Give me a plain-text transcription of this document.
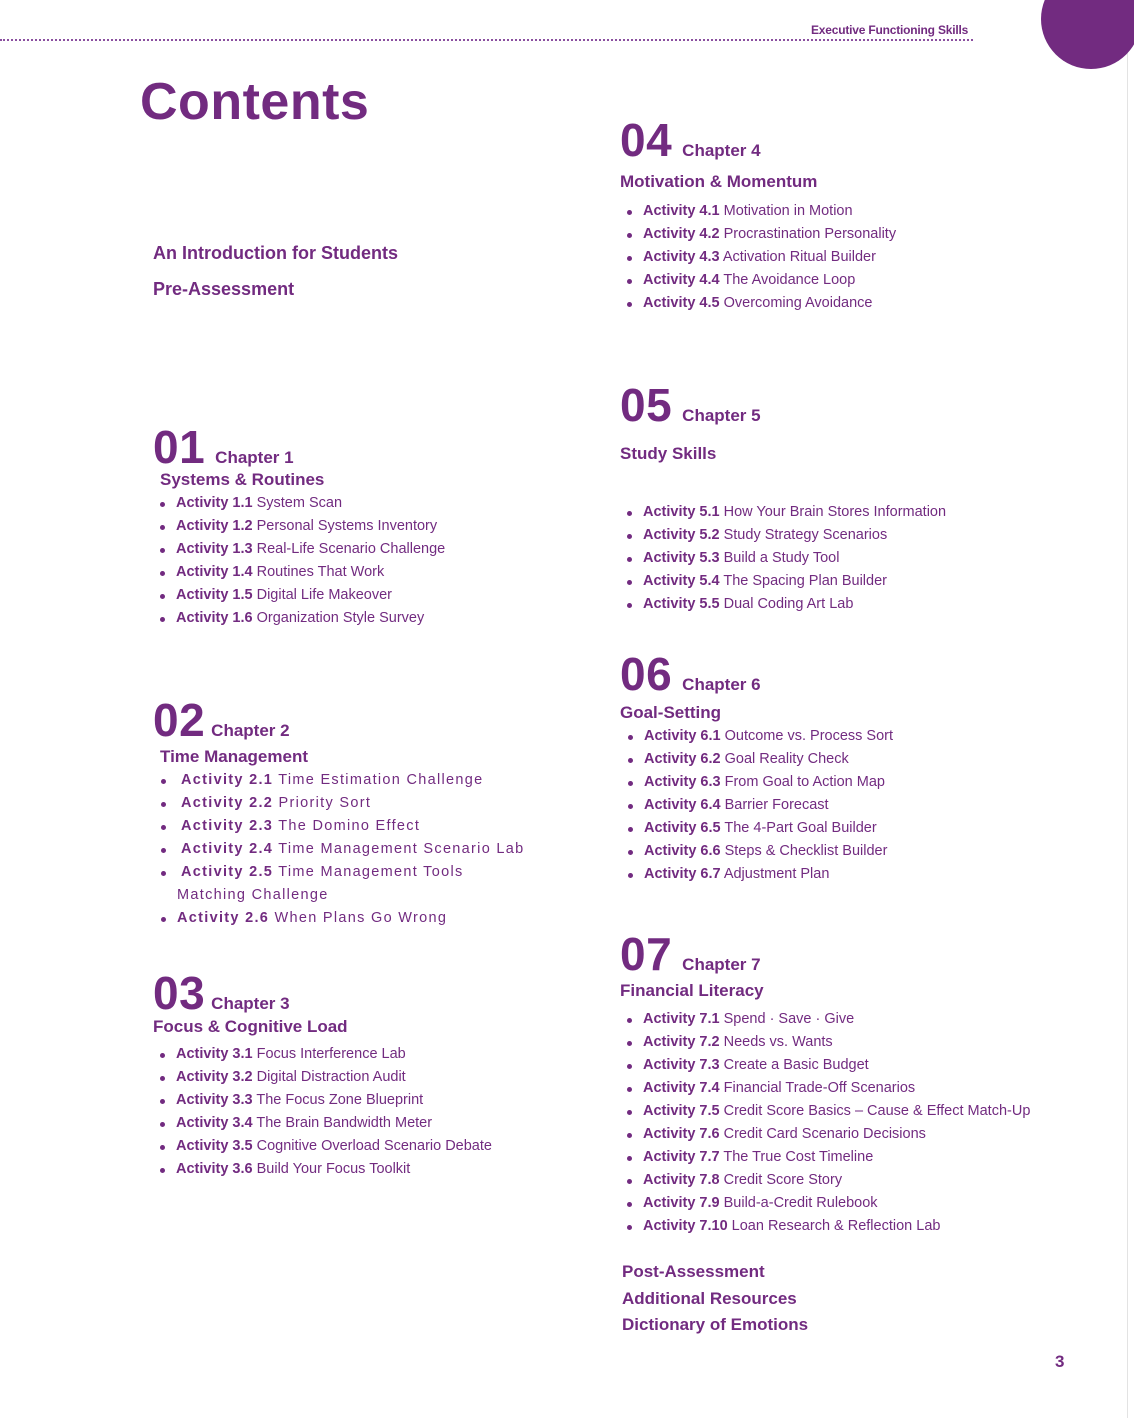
Executive Functioning Skills
Contents
An Introduction for Students
Pre-Assessment
01 Chapter 1
Systems & Routines
Activity 1.1 System Scan
Activity 1.2 Personal Systems Inventory
Activity 1.3 Real-Life Scenario Challenge
Activity 1.4 Routines That Work
Activity 1.5 Digital Life Makeover
Activity 1.6 Organization Style Survey
02 Chapter 2
Time Management
Activity 2.1 Time Estimation Challenge
Activity 2.2 Priority Sort
Activity 2.3 The Domino Effect
Activity 2.4 Time Management Scenario Lab
Activity 2.5 Time Management Tools
Matching Challenge
Activity 2.6 When Plans Go Wrong
03 Chapter 3
Focus & Cognitive Load
Activity 3.1 Focus Interference Lab
Activity 3.2 Digital Distraction Audit
Activity 3.3 The Focus Zone Blueprint
Activity 3.4 The Brain Bandwidth Meter
Activity 3.5 Cognitive Overload Scenario Debate
Activity 3.6 Build Your Focus Toolkit
04 Chapter 4
Motivation & Momentum
Activity 4.1 Motivation in Motion
Activity 4.2 Procrastination Personality
Activity 4.3 Activation Ritual Builder
Activity 4.4 The Avoidance Loop
Activity 4.5 Overcoming Avoidance
05 Chapter 5
Study Skills
Activity 5.1 How Your Brain Stores Information
Activity 5.2 Study Strategy Scenarios
Activity 5.3 Build a Study Tool
Activity 5.4 The Spacing Plan Builder
Activity 5.5 Dual Coding Art Lab
06 Chapter 6
Goal-Setting
Activity 6.1 Outcome vs. Process Sort
Activity 6.2 Goal Reality Check
Activity 6.3 From Goal to Action Map
Activity 6.4 Barrier Forecast
Activity 6.5 The 4-Part Goal Builder
Activity 6.6 Steps & Checklist Builder
Activity 6.7 Adjustment Plan
07 Chapter 7
Financial Literacy
Activity 7.1 Spend · Save · Give
Activity 7.2 Needs vs. Wants
Activity 7.3 Create a Basic Budget
Activity 7.4 Financial Trade-Off Scenarios
Activity 7.5 Credit Score Basics – Cause & Effect Match-Up
Activity 7.6 Credit Card Scenario Decisions
Activity 7.7 The True Cost Timeline
Activity 7.8 Credit Score Story
Activity 7.9 Build-a-Credit Rulebook
Activity 7.10 Loan Research & Reflection Lab
Post-Assessment
Additional Resources
Dictionary of Emotions
3
